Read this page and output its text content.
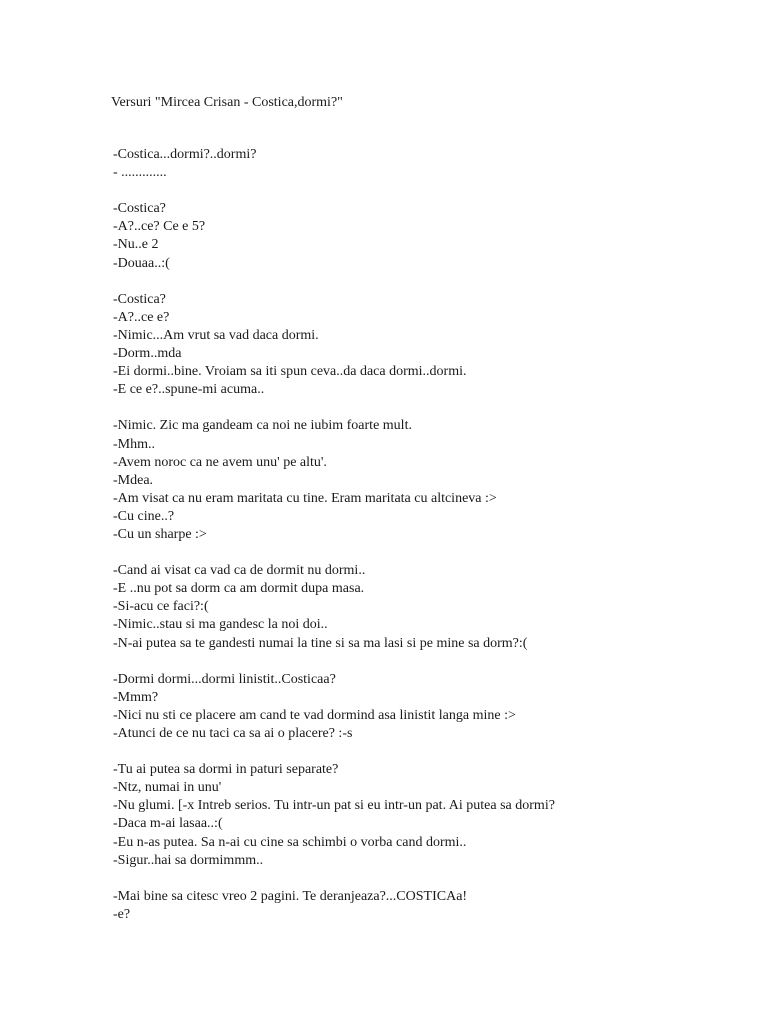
Versuri "Mircea Crisan - Costica,dormi?"
-Costica...dormi?..dormi?
- .............
-Costica?
-A?..ce? Ce e 5?
-Nu..e 2
-Douaa..:(
-Costica?
-A?..ce e?
-Nimic...Am vrut sa vad daca dormi.
-Dorm..mda
-Ei dormi..bine. Vroiam sa iti spun ceva..da daca dormi..dormi.
-E ce e?..spune-mi acuma..
-Nimic. Zic ma gandeam ca noi ne iubim foarte mult.
-Mhm..
-Avem noroc ca ne avem unu' pe altu'.
-Mdea.
-Am visat ca nu eram maritata cu tine. Eram maritata cu altcineva :>
-Cu cine..?
-Cu un sharpe :>
-Cand ai visat ca vad ca de dormit nu dormi..
-E ..nu pot sa dorm ca am dormit dupa masa.
-Si-acu ce faci?:(
-Nimic..stau si ma gandesc la noi doi..
-N-ai putea sa te gandesti numai la tine si sa ma lasi si pe mine sa dorm?:(
-Dormi dormi...dormi linistit..Costicaa?
-Mmm?
-Nici nu sti ce placere am cand te vad dormind asa linistit langa mine :>
-Atunci de ce nu taci ca sa ai o placere? :-s
-Tu ai putea sa dormi in paturi separate?
-Ntz, numai in unu'
-Nu glumi. [-x Intreb serios. Tu intr-un pat si eu intr-un pat. Ai putea sa dormi?
-Daca m-ai lasaa..:(
-Eu n-as putea. Sa n-ai cu cine sa schimbi o vorba cand dormi..
-Sigur..hai sa dormimmm..
-Mai bine sa citesc vreo 2 pagini. Te deranjeaza?...COSTICAa!
-e?
